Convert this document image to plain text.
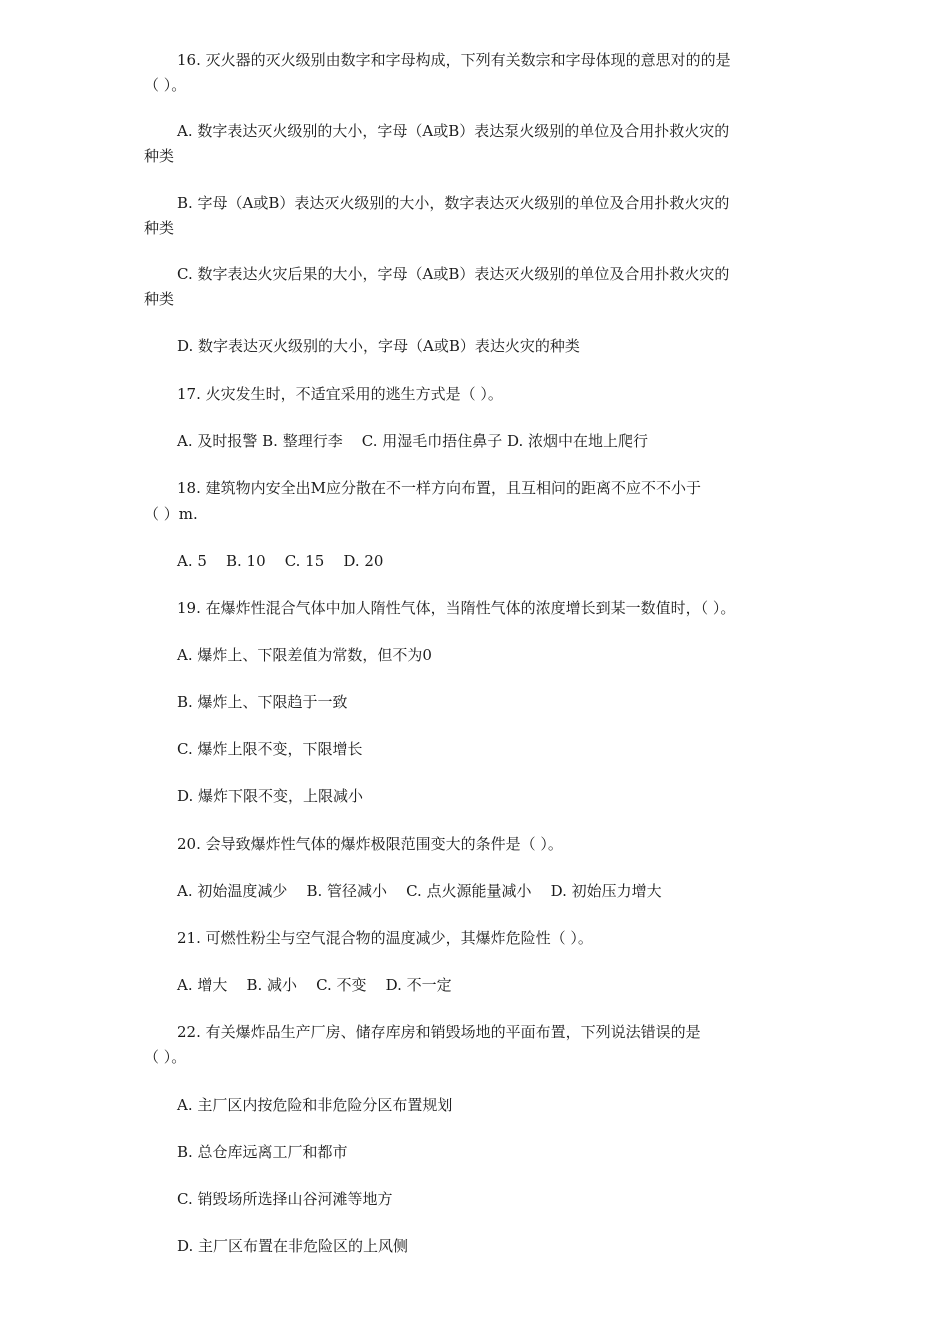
16. 灭火器的灭火级别由数字和字母构成，下列有关数宗和字母体现的意思对的的是
（ ）。
A. 数字表达灭火级别的大小，字母（A或B）表达泵火级别的单位及合用扑救火灾的
种类
B. 字母（A或B）表达灭火级别的大小，数字表达灭火级别的单位及合用扑救火灾的
种类
C. 数字表达火灾后果的大小，字母（A或B）表达灭火级别的单位及合用扑救火灾的
种类
D. 数字表达灭火级别的大小，字母（A或B）表达火灾的种类
17. 火灾发生时，不适宜采用的逃生方式是（ ）。
A. 及时报警 B. 整理行李    C. 用湿毛巾捂住鼻子 D. 浓烟中在地上爬行
18. 建筑物内安全出M应分散在不一样方向布置，且互相问的距离不应不不小于
（ ）m.
A. 5    B. 10    C. 15    D. 20
19. 在爆炸性混合气体中加人隋性气体，当隋性气体的浓度增长到某一数值时，（ ）。
A. 爆炸上、下限差值为常数，但不为0
B. 爆炸上、下限趋于一致
C. 爆炸上限不变，下限增长
D. 爆炸下限不变，上限减小
20. 会导致爆炸性气体的爆炸极限范围变大的条件是（ ）。
A. 初始温度减少    B. 管径减小    C. 点火源能量减小    D. 初始压力增大
21. 可燃性粉尘与空气混合物的温度减少，其爆炸危险性（ ）。
A. 增大    B. 减小    C. 不变    D. 不一定
22. 有关爆炸品生产厂房、储存库房和销毁场地的平面布置，下列说法错误的是
（ ）。
A. 主厂区内按危险和非危险分区布置规划
B. 总仓库远离工厂和都市
C. 销毁场所选择山谷河滩等地方
D. 主厂区布置在非危险区的上风侧
